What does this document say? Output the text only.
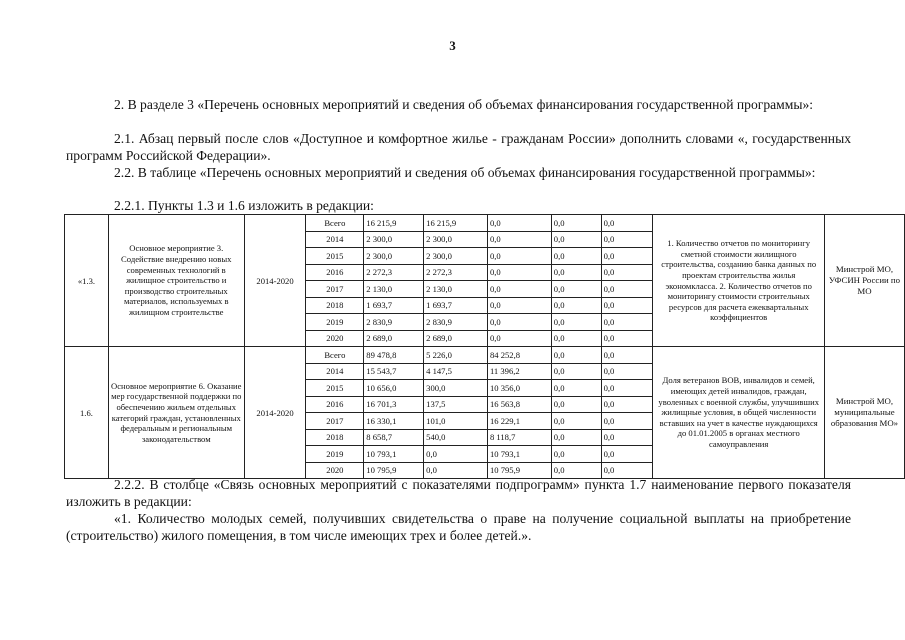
3
2. В разделе 3 «Перечень основных мероприятий и сведения об объемах финансирования государственной программы»:
2.1. Абзац первый после слов «Доступное и комфортное жилье - гражданам России» дополнить словами «, государственных программ Российской Федерации».
2.2. В таблице «Перечень основных мероприятий и сведения об объемах финансирования государственной программы»:
2.2.1. Пункты 1.3 и 1.6 изложить в редакции:
«1.3.	Основное мероприятие 3. Содействие внедрению новых современных технологий в жилищное строительство и производство строительных материалов, используемых в жилищном строительстве	2014-2020	Всего	16 215,9	16 215,9	0,0	0,0	0,0	1. Количество отчетов по мониторингу сметной стоимости жилищного строительства, созданию банка данных по проектам строительства жилья экономкласса. 2. Количество отчетов по мониторингу стоимости строительных ресурсов для расчета ежеквартальных коэффициентов	Минстрой МО, УФСИН России по МО
			2014	2 300,0	2 300,0	0,0	0,0	0,0		
			2015	2 300,0	2 300,0	0,0	0,0	0,0		
			2016	2 272,3	2 272,3	0,0	0,0	0,0		
			2017	2 130,0	2 130,0	0,0	0,0	0,0		
			2018	1 693,7	1 693,7	0,0	0,0	0,0		
			2019	2 830,9	2 830,9	0,0	0,0	0,0		
			2020	2 689,0	2 689,0	0,0	0,0	0,0		
1.6.	Основное мероприятие 6. Оказание мер государственной поддержки по обеспечению жильем отдельных категорий граждан, установленных федеральным и региональным законодательством	2014-2020	Всего	89 478,8	5 226,0	84 252,8	0,0	0,0	Доля ветеранов ВОВ, инвалидов и семей, имеющих детей инвалидов, граждан, уволенных с военной службы, улучшивших жилищные условия, в общей численности вставших на учет в качестве нуждающихся до 01.01.2005 в органах местного самоуправления	Минстрой МО, муниципальные образования МО»
			2014	15 543,7	4 147,5	11 396,2	0,0	0,0		
			2015	10 656,0	300,0	10 356,0	0,0	0,0		
			2016	16 701,3	137,5	16 563,8	0,0	0,0		
			2017	16 330,1	101,0	16 229,1	0,0	0,0		
			2018	8 658,7	540,0	8 118,7	0,0	0,0		
			2019	10 793,1	0,0	10 793,1	0,0	0,0		
			2020	10 795,9	0,0	10 795,9	0,0	0,0		
2.2.2. В столбце «Связь основных мероприятий с показателями подпрограмм» пункта 1.7 наименование первого показателя изложить в редакции:
«1. Количество молодых семей, получивших свидетельства о праве на получение социальной выплаты на приобретение (строительство) жилого помещения, в том числе имеющих трех и более детей.».
